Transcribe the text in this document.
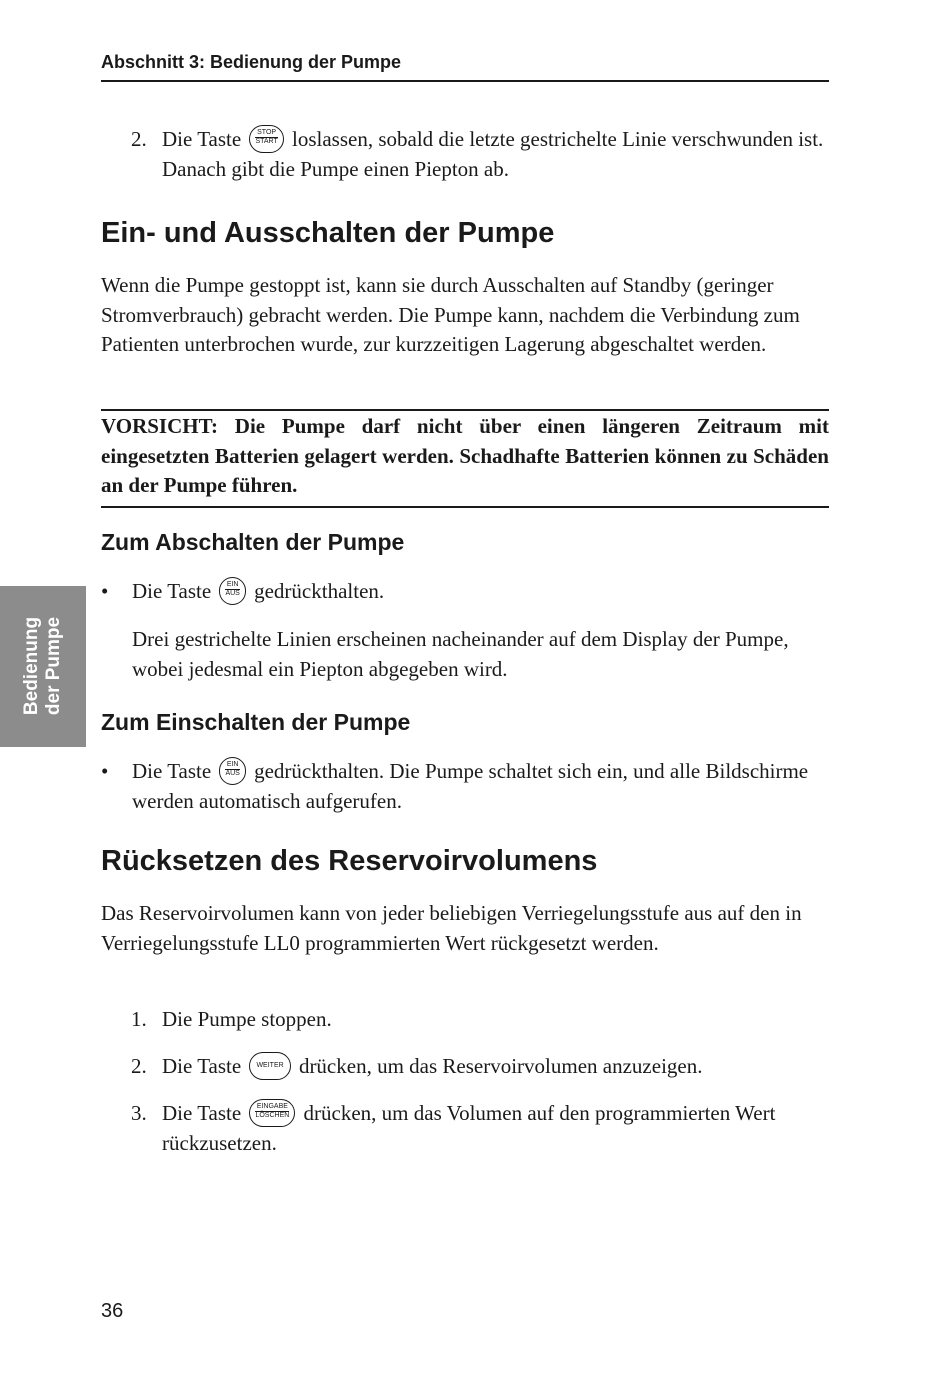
Abschnitt 3: Bedienung der Pumpe
2. Die Taste STOP
START loslassen, sobald die letzte gestrichelte Linie verschwunden ist. Danach gibt die Pumpe einen Piepton ab.
Ein- und Ausschalten der Pumpe
Wenn die Pumpe gestoppt ist, kann sie durch Ausschalten auf Standby (geringer Stromverbrauch) gebracht werden. Die Pumpe kann, nachdem die Verbindung zum Patienten unterbrochen wurde, zur kurzzeitigen Lagerung abgeschaltet werden.
VORSICHT: Die Pumpe darf nicht über einen längeren Zeitraum mit eingesetzten Batterien gelagert werden. Schadhafte Batterien können zu Schäden an der Pumpe führen.
Zum Abschalten der Pumpe
• Die Taste EIN
AUS gedrückthalten.
Drei gestrichelte Linien erscheinen nacheinander auf dem Display der Pumpe, wobei jedesmal ein Piepton abgegeben wird.
Zum Einschalten der Pumpe
• Die Taste EIN
AUS gedrückthalten. Die Pumpe schaltet sich ein, und alle Bildschirme werden automatisch aufgerufen.
Rücksetzen des Reservoirvolumens
Das Reservoirvolumen kann von jeder beliebigen Verriegelungsstufe aus auf den in Verriegelungsstufe LL0 programmierten Wert rückgesetzt werden.
1. Die Pumpe stoppen.
2. Die Taste WEITER drücken, um das Reservoirvolumen anzuzeigen.
3. Die Taste EINGABE
LÖSCHEN drücken, um das Volumen auf den programmierten Wert rückzusetzen.
Bedienung der Pumpe
36
